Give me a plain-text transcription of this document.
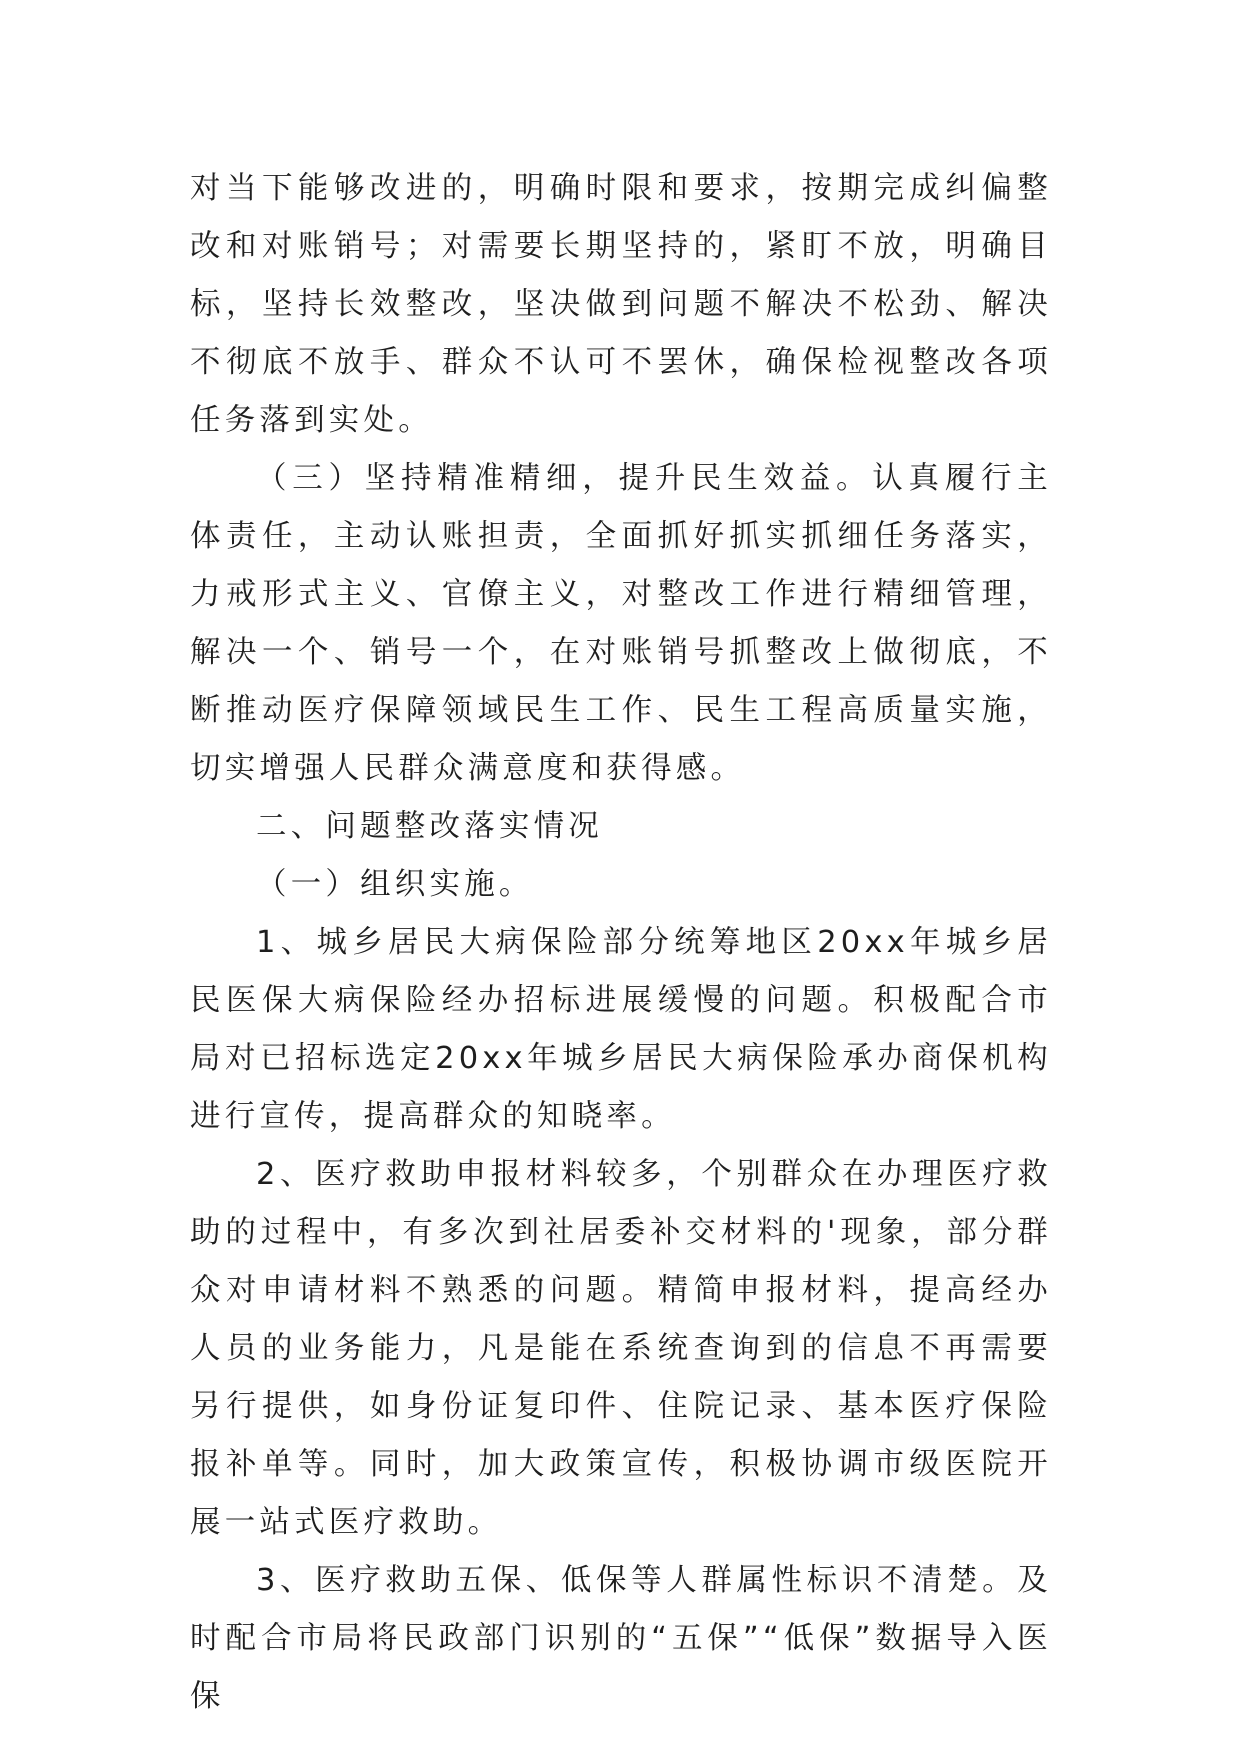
对当下能够改进的，明确时限和要求，按期完成纠偏整改和对账销号；对需要长期坚持的，紧盯不放，明确目标，坚持长效整改，坚决做到问题不解决不松劲、解决不彻底不放手、群众不认可不罢休，确保检视整改各项任务落到实处。

（三）坚持精准精细，提升民生效益。认真履行主体责任，主动认账担责，全面抓好抓实抓细任务落实，力戒形式主义、官僚主义，对整改工作进行精细管理，解决一个、销号一个，在对账销号抓整改上做彻底，不断推动医疗保障领域民生工作、民生工程高质量实施，切实增强人民群众满意度和获得感。

二、问题整改落实情况

（一）组织实施。

1、城乡居民大病保险部分统筹地区20xx年城乡居民医保大病保险经办招标进展缓慢的问题。积极配合市局对已招标选定20xx年城乡居民大病保险承办商保机构进行宣传，提高群众的知晓率。

2、医疗救助申报材料较多，个别群众在办理医疗救助的过程中，有多次到社居委补交材料的'现象，部分群众对申请材料不熟悉的问题。精简申报材料，提高经办人员的业务能力，凡是能在系统查询到的信息不再需要另行提供，如身份证复印件、住院记录、基本医疗保险报补单等。同时，加大政策宣传，积极协调市级医院开展一站式医疗救助。

3、医疗救助五保、低保等人群属性标识不清楚。及时配合市局将民政部门识别的“五保”“低保”数据导入医保
